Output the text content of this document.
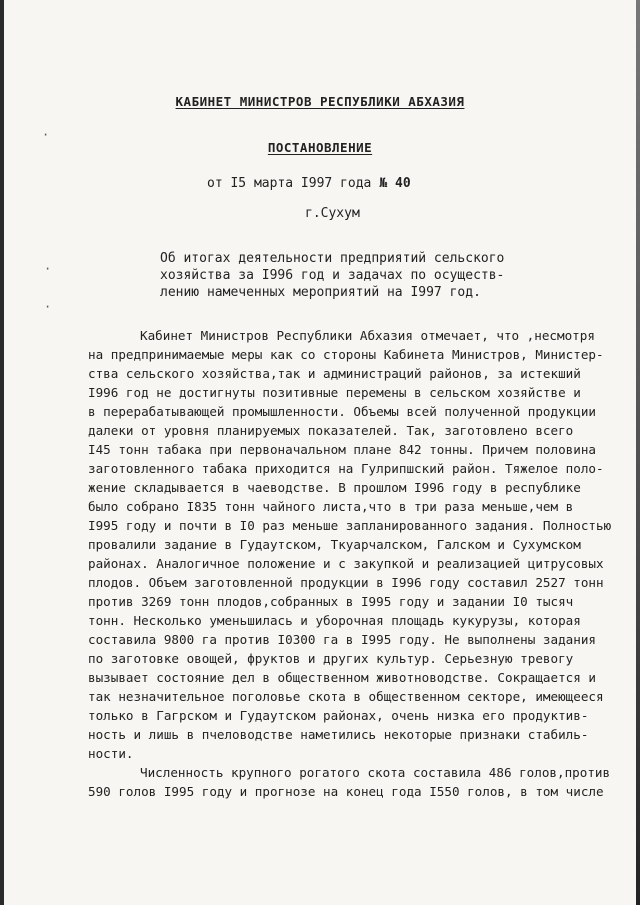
·
·
·
КАБИНЕТ МИНИСТРОВ РЕСПУБЛИКИ АБХАЗИЯ
ПОСТАНОВЛЕНИЕ
от I5 марта I997 года № 40
г.Сухум
Об итогах деятельности предприятий сельского
хозяйства за I996 год и задачах по осуществ-
лению намеченных мероприятий на I997 год.
Кабинет Министров Республики Абхазия отмечает, что ,несмотря
на предпринимаемые меры как со стороны Кабинета Министров, Министер-
ства сельского хозяйства,так и администраций районов, за истекший
I996 год не достигнуты позитивные перемены в сельском хозяйстве и
в перерабатывающей промышленности. Объемы всей полученной продукции
далеки от уровня планируемых показателей. Так, заготовлено всего
I45 тонн табака при первоначальном плане 842 тонны. Причем половина
заготовленного табака приходится на Гулрипшский район. Тяжелое поло-
жение складывается в чаеводстве. В прошлом I996 году в республике
было собрано I835 тонн чайного листа,что в три раза меньше,чем в
I995 году и почти в I0 раз меньше запланированного задания. Полностью
провалили задание в Гудаутском, Ткуарчалском, Галском и Сухумском
районах. Аналогичное положение и с закупкой и реализацией цитрусовых
плодов. Объем заготовленной продукции в I996 году составил 2527 тонн
против 3269 тонн плодов,собранных в I995 году и задании I0 тысяч
тонн. Несколько уменьшилась и уборочная площадь кукурузы, которая
составила 9800 га против I0300 га в I995 году. Не выполнены задания
по заготовке овощей, фруктов и других культур. Серьезную тревогу
вызывает состояние дел в общественном животноводстве. Сокращается и
так незначительное поголовье скота в общественном секторе, имеющееся
только в Гагрском и Гудаутском районах, очень низка его продуктив-
ность и лишь в пчеловодстве наметились некоторые признаки стабиль-
ности.
Численность крупного рогатого скота составила 486 голов,против
590 голов I995 году и прогнозе на конец года I550 голов, в том числе
